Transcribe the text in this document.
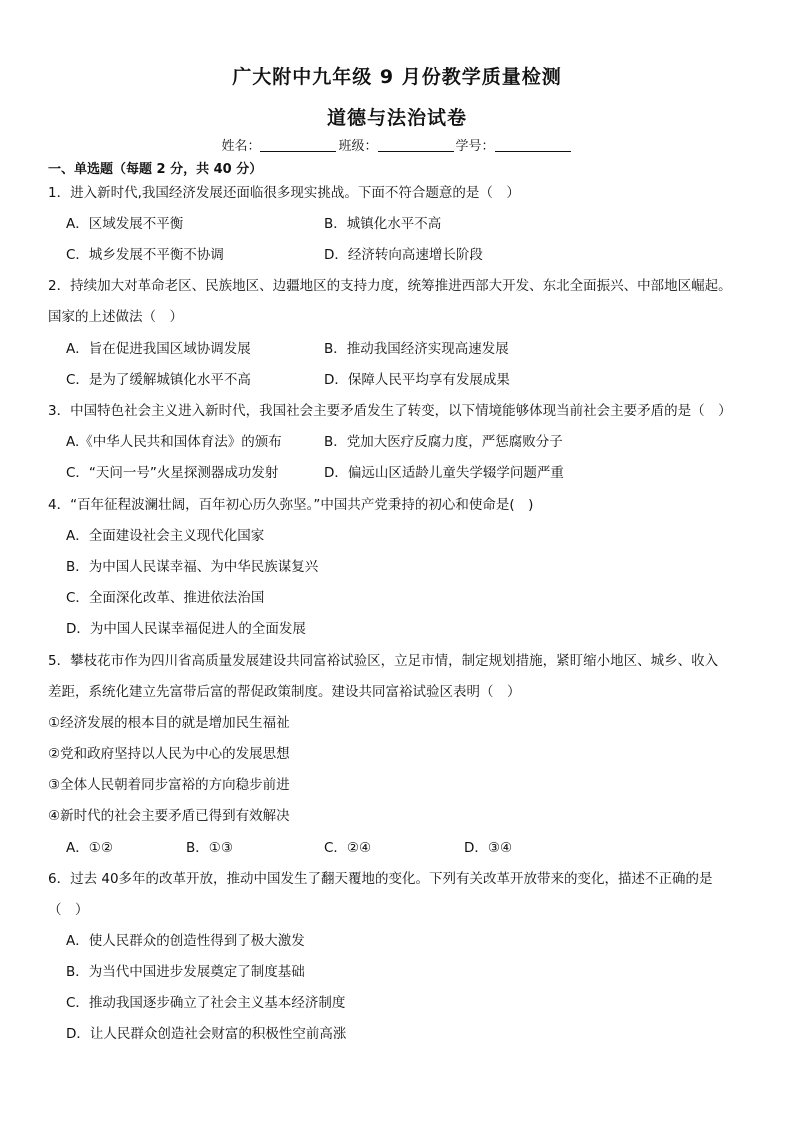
广大附中九年级 9 月份教学质量检测
道德与法治试卷
姓名：	班级：	学号：
一、单选题（每题 2 分，共 40 分）
1．进入新时代,我国经济发展还面临很多现实挑战。下面不符合题意的是（　）
A．区域发展不平衡	B．城镇化水平不高
C．城乡发展不平衡不协调	D．经济转向高速增长阶段
2．持续加大对革命老区、民族地区、边疆地区的支持力度，统筹推进西部大开发、东北全面振兴、中部地区崛起。
国家的上述做法（　）
A．旨在促进我国区域协调发展	B．推动我国经济实现高速发展
C．是为了缓解城镇化水平不高	D．保障人民平均享有发展成果
3．中国特色社会主义进入新时代，我国社会主要矛盾发生了转变，以下情境能够体现当前社会主要矛盾的是（　）
A.《中华人民共和国体育法》的颁布	B．党加大医疗反腐力度，严惩腐败分子
C．“天问一号”火星探测器成功发射	D．偏远山区适龄儿童失学辍学问题严重
4．“百年征程波澜壮阔，百年初心历久弥坚。”中国共产党秉持的初心和使命是(　)
A．全面建设社会主义现代化国家
B．为中国人民谋幸福、为中华民族谋复兴
C．全面深化改革、推进依法治国
D．为中国人民谋幸福促进人的全面发展
5．攀枝花市作为四川省高质量发展建设共同富裕试验区，立足市情，制定规划措施，紧盯缩小地区、城乡、收入
差距，系统化建立先富带后富的帮促政策制度。建设共同富裕试验区表明（　）
①经济发展的根本目的就是增加民生福祉
②党和政府坚持以人民为中心的发展思想
③全体人民朝着同步富裕的方向稳步前进
④新时代的社会主要矛盾已得到有效解决
A．①②	B．①③	C．②④	D．③④
6．过去 40多年的改革开放，推动中国发生了翻天覆地的变化。下列有关改革开放带来的变化，描述不正确的是
（　）
A．使人民群众的创造性得到了极大激发
B．为当代中国进步发展奠定了制度基础
C．推动我国逐步确立了社会主义基本经济制度
D．让人民群众创造社会财富的积极性空前高涨
